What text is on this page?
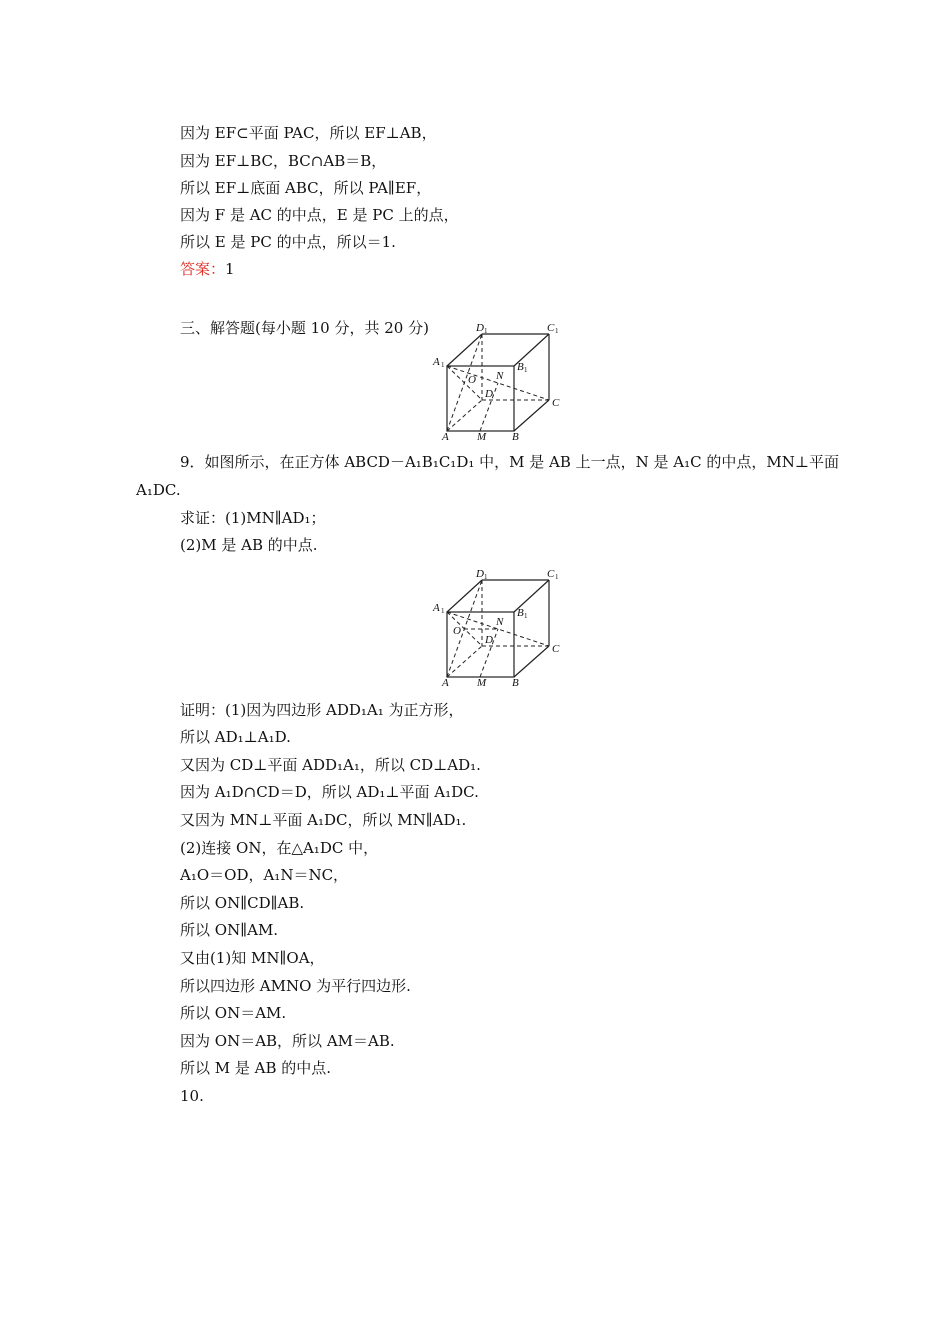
因为 EF⊂平面 PAC，所以 EF⊥AB，
因为 EF⊥BC，BC∩AB＝B，
所以 EF⊥底面 ABC，所以 PA∥EF，
因为 F 是 AC 的中点，E 是 PC 上的点，
所以 E 是 PC 的中点，所以＝1.
答案：1
三、解答题(每小题 10 分，共 20 分)	D 1	C 1
A 1	B 1
O N
D
C
A	M B
9．如图所示，在正方体 ABCD－A₁B₁C₁D₁ 中，M 是 AB 上一点，N 是 A₁C 的中点，MN⊥平面
A₁DC.
求证：(1)MN∥AD₁；
(2)M 是 AB 的中点.
D 1	C 1
A 1	B 1
O
N
D
C
A	M B
证明：(1)因为四边形 ADD₁A₁ 为正方形，
所以 AD₁⊥A₁D.
又因为 CD⊥平面 ADD₁A₁，所以 CD⊥AD₁.
因为 A₁D∩CD＝D，所以 AD₁⊥平面 A₁DC.
又因为 MN⊥平面 A₁DC，所以 MN∥AD₁.
(2)连接 ON，在△A₁DC 中，
A₁O＝OD，A₁N＝NC，
所以 ON∥CD∥AB.
所以 ON∥AM.
又由(1)知 MN∥OA，
所以四边形 AMNO 为平行四边形.
所以 ON＝AM.
因为 ON＝AB，所以 AM＝AB.
所以 M 是 AB 的中点.
10.
